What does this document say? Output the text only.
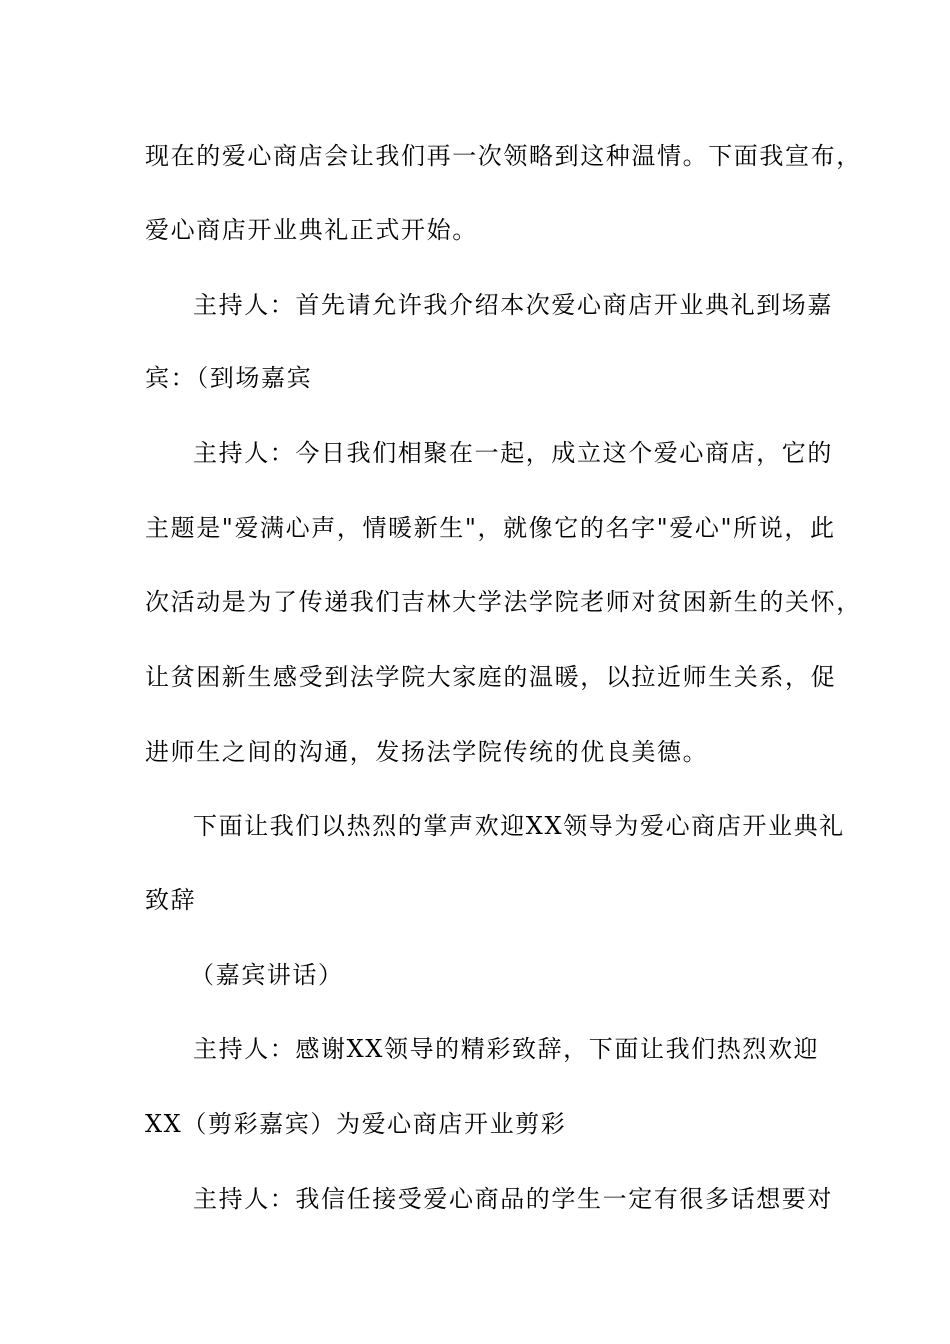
现在的爱心商店会让我们再一次领略到这种温情。下面我宣布，
爱心商店开业典礼正式开始。
主持人：首先请允许我介绍本次爱心商店开业典礼到场嘉
宾：（到场嘉宾
主持人：今日我们相聚在一起，成立这个爱心商店，它的
主题是"爱满心声，情暖新生"，就像它的名字"爱心"所说，此
次活动是为了传递我们吉林大学法学院老师对贫困新生的关怀，
让贫困新生感受到法学院大家庭的温暖，以拉近师生关系，促
进师生之间的沟通，发扬法学院传统的优良美德。
下面让我们以热烈的掌声欢迎XX领导为爱心商店开业典礼
致辞
（嘉宾讲话）
主持人：感谢XX领导的精彩致辞，下面让我们热烈欢迎
XX（剪彩嘉宾）为爱心商店开业剪彩
主持人：我信任接受爱心商品的学生一定有很多话想要对
